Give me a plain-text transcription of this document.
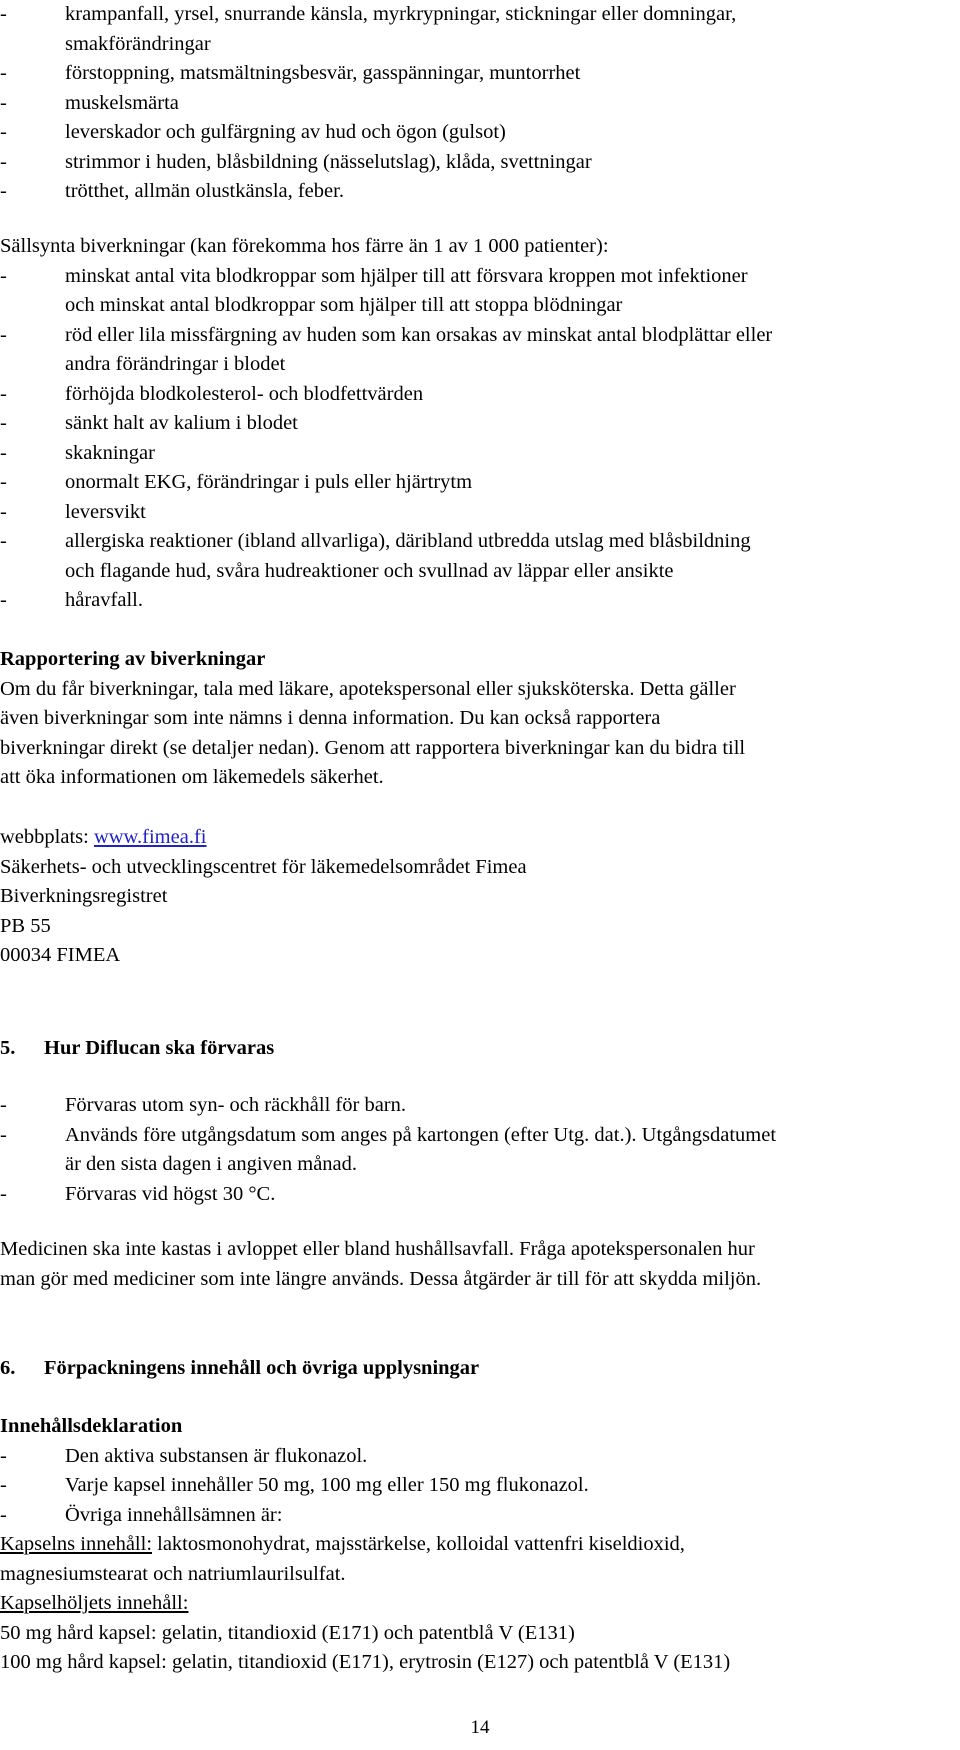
-	krampanfall, yrsel, snurrande känsla, myrkrypningar, stickningar eller domningar,
smakförändringar
-	förstoppning, matsmältningsbesvär, gasspänningar, muntorrhet
-	muskelsmärta
-	leverskador och gulfärgning av hud och ögon (gulsot)
-	strimmor i huden, blåsbildning (nässelutslag), klåda, svettningar
-	trötthet, allmän olustkänsla, feber.

Sällsynta biverkningar (kan förekomma hos färre än 1 av 1 000 patienter):

-	minskat antal vita blodkroppar som hjälper till att försvara kroppen mot infektioner
och minskat antal blodkroppar som hjälper till att stoppa blödningar
-	röd eller lila missfärgning av huden som kan orsakas av minskat antal blodplättar eller
andra förändringar i blodet
-	förhöjda blodkolesterol- och blodfettvärden
-	sänkt halt av kalium i blodet
-	skakningar
-	onormalt EKG, förändringar i puls eller hjärtrytm
-	leversvikt
-	allergiska reaktioner (ibland allvarliga), däribland utbredda utslag med blåsbildning
och flagande hud, svåra hudreaktioner och svullnad av läppar eller ansikte
-	håravfall.

Rapportering av biverkningar

Om du får biverkningar, tala med läkare, apotekspersonal eller sjuksköterska. Detta gäller

även biverkningar som inte nämns i denna information. Du kan också rapportera

biverkningar direkt (se detaljer nedan). Genom att rapportera biverkningar kan du bidra till

att öka informationen om läkemedels säkerhet.

webbplats: www.fimea.fi

Säkerhets- och utvecklingscentret för läkemedelsområdet Fimea

Biverkningsregistret

PB 55

00034 FIMEA

5. Hur Diflucan ska förvaras

-	Förvaras utom syn- och räckhåll för barn.
-	Används före utgångsdatum som anges på kartongen (efter Utg. dat.). Utgångsdatumet
är den sista dagen i angiven månad.
-	Förvaras vid högst 30 °C.

Medicinen ska inte kastas i avloppet eller bland hushållsavfall. Fråga apotekspersonalen hur

man gör med mediciner som inte längre används. Dessa åtgärder är till för att skydda miljön.

6. Förpackningens innehåll och övriga upplysningar

Innehållsdeklaration

-	Den aktiva substansen är flukonazol.
-	Varje kapsel innehåller 50 mg, 100 mg eller 150 mg flukonazol.
-	Övriga innehållsämnen är:

Kapselns innehåll: laktosmonohydrat, majsstärkelse, kolloidal vattenfri kiseldioxid,

magnesiumstearat och natriumlaurilsulfat.

Kapselhöljets innehåll:

50 mg hård kapsel: gelatin, titandioxid (E171) och patentblå V (E131)

100 mg hård kapsel: gelatin, titandioxid (E171), erytrosin (E127) och patentblå V (E131)

14
